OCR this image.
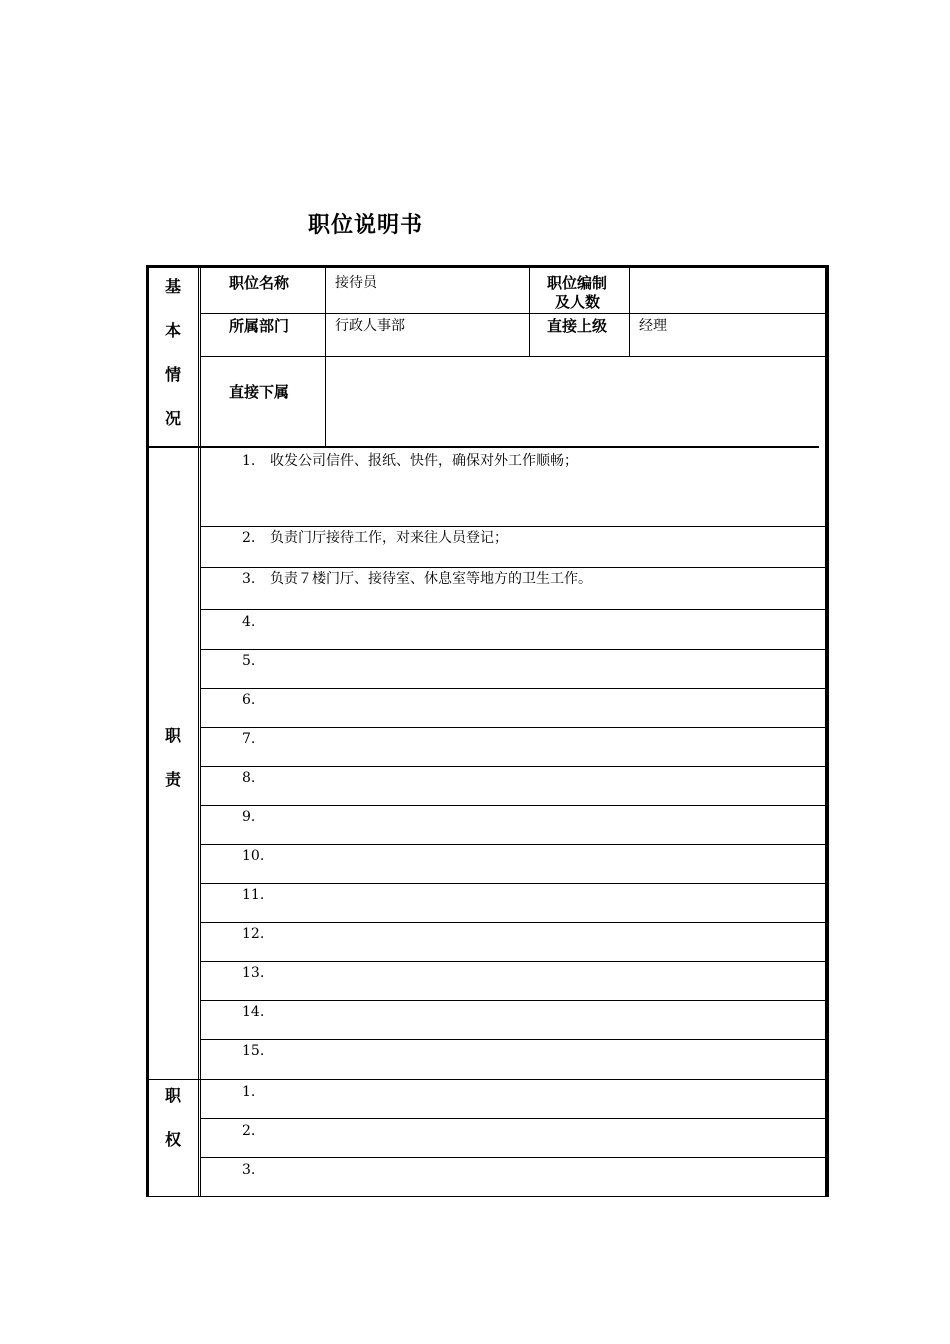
职位说明书
基
本
情
况
职位名称	接待员	职位编制
及人数
所属部门	行政人事部	直接上级 经理
直接下属
职
责
1. 收发公司信件、报纸、快件，确保对外工作顺畅；
2. 负责门厅接待工作，对来往人员登记；
3. 负责７楼门厅、接待室、休息室等地方的卫生工作。
4.
5.
6.
7.
8.
9.
10.
11.
12.
13.
14.
15.
职
权
1.
2.
3.
